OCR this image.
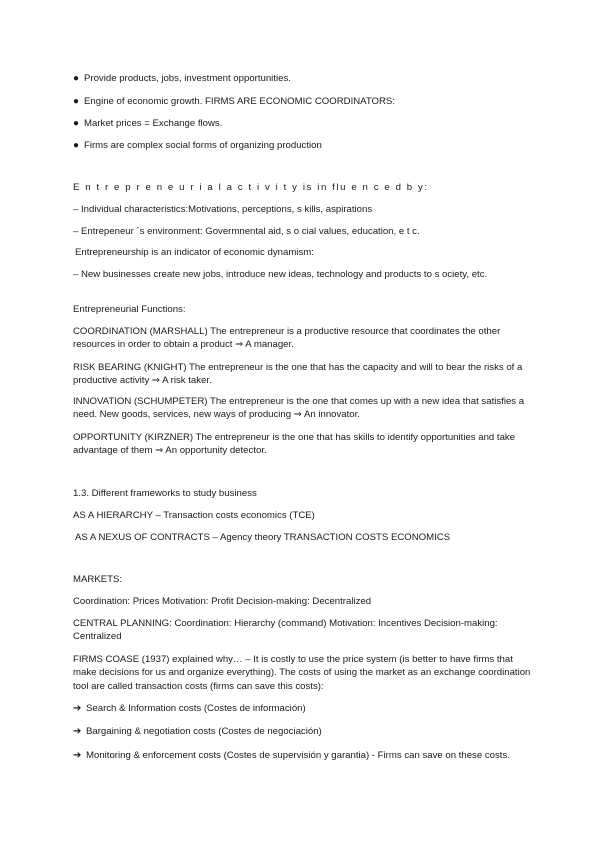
● Provide products, jobs, investment opportunities.
● Engine of economic growth. FIRMS ARE ECONOMIC COORDINATORS:
● Market prices = Exchange flows.
● Firms are complex social forms of organizing production

E n t r e p r e n e u r i a l a c t i v i t y is in flu e n c e d b y:

– Individual characteristics:Motivations, perceptions, s kills, aspirations

– Entrepeneur ´s environment: Govermnental aid, s o cial values, education, e t c.

Entrepreneurship is an indicator of economic dynamism:

– New businesses create new jobs, introduce new ideas, technology and products to s ociety, etc.

Entrepreneurial Functions:

COORDINATION (MARSHALL) The entrepreneur is a productive resource that coordinates the other resources in order to obtain a product ⇒ A manager.

RISK BEARING (KNIGHT) The entrepreneur is the one that has the capacity and will to bear the risks of a productive activity ⇒ A risk taker.

INNOVATION (SCHUMPETER) The entrepreneur is the one that comes up with a new idea that satisfies a need. New goods, services, new ways of producing ⇒ An innovator.

OPPORTUNITY (KIRZNER) The entrepreneur is the one that has skills to identify opportunities and take advantage of them ⇒ An opportunity detector.

1.3. Different frameworks to study business

AS A HIERARCHY – Transaction costs economics (TCE)

AS A NEXUS OF CONTRACTS – Agency theory TRANSACTION COSTS ECONOMICS

MARKETS:

Coordination: Prices Motivation: Profit Decision-making: Decentralized

CENTRAL PLANNING: Coordination: Hierarchy (command) Motivation: Incentives Decision-making: Centralized

FIRMS COASE (1937) explained why… – It is costly to use the price system (is better to have firms that make decisions for us and organize everything). The costs of using the market as an exchange coordination tool are called transaction costs (firms can save this costs):

➔ Search & Information costs (Costes de información)
➔ Bargaining & negotiation costs (Costes de negociación)
➔ Monitoring & enforcement costs (Costes de supervisión y garantia) - Firms can save on these costs.
